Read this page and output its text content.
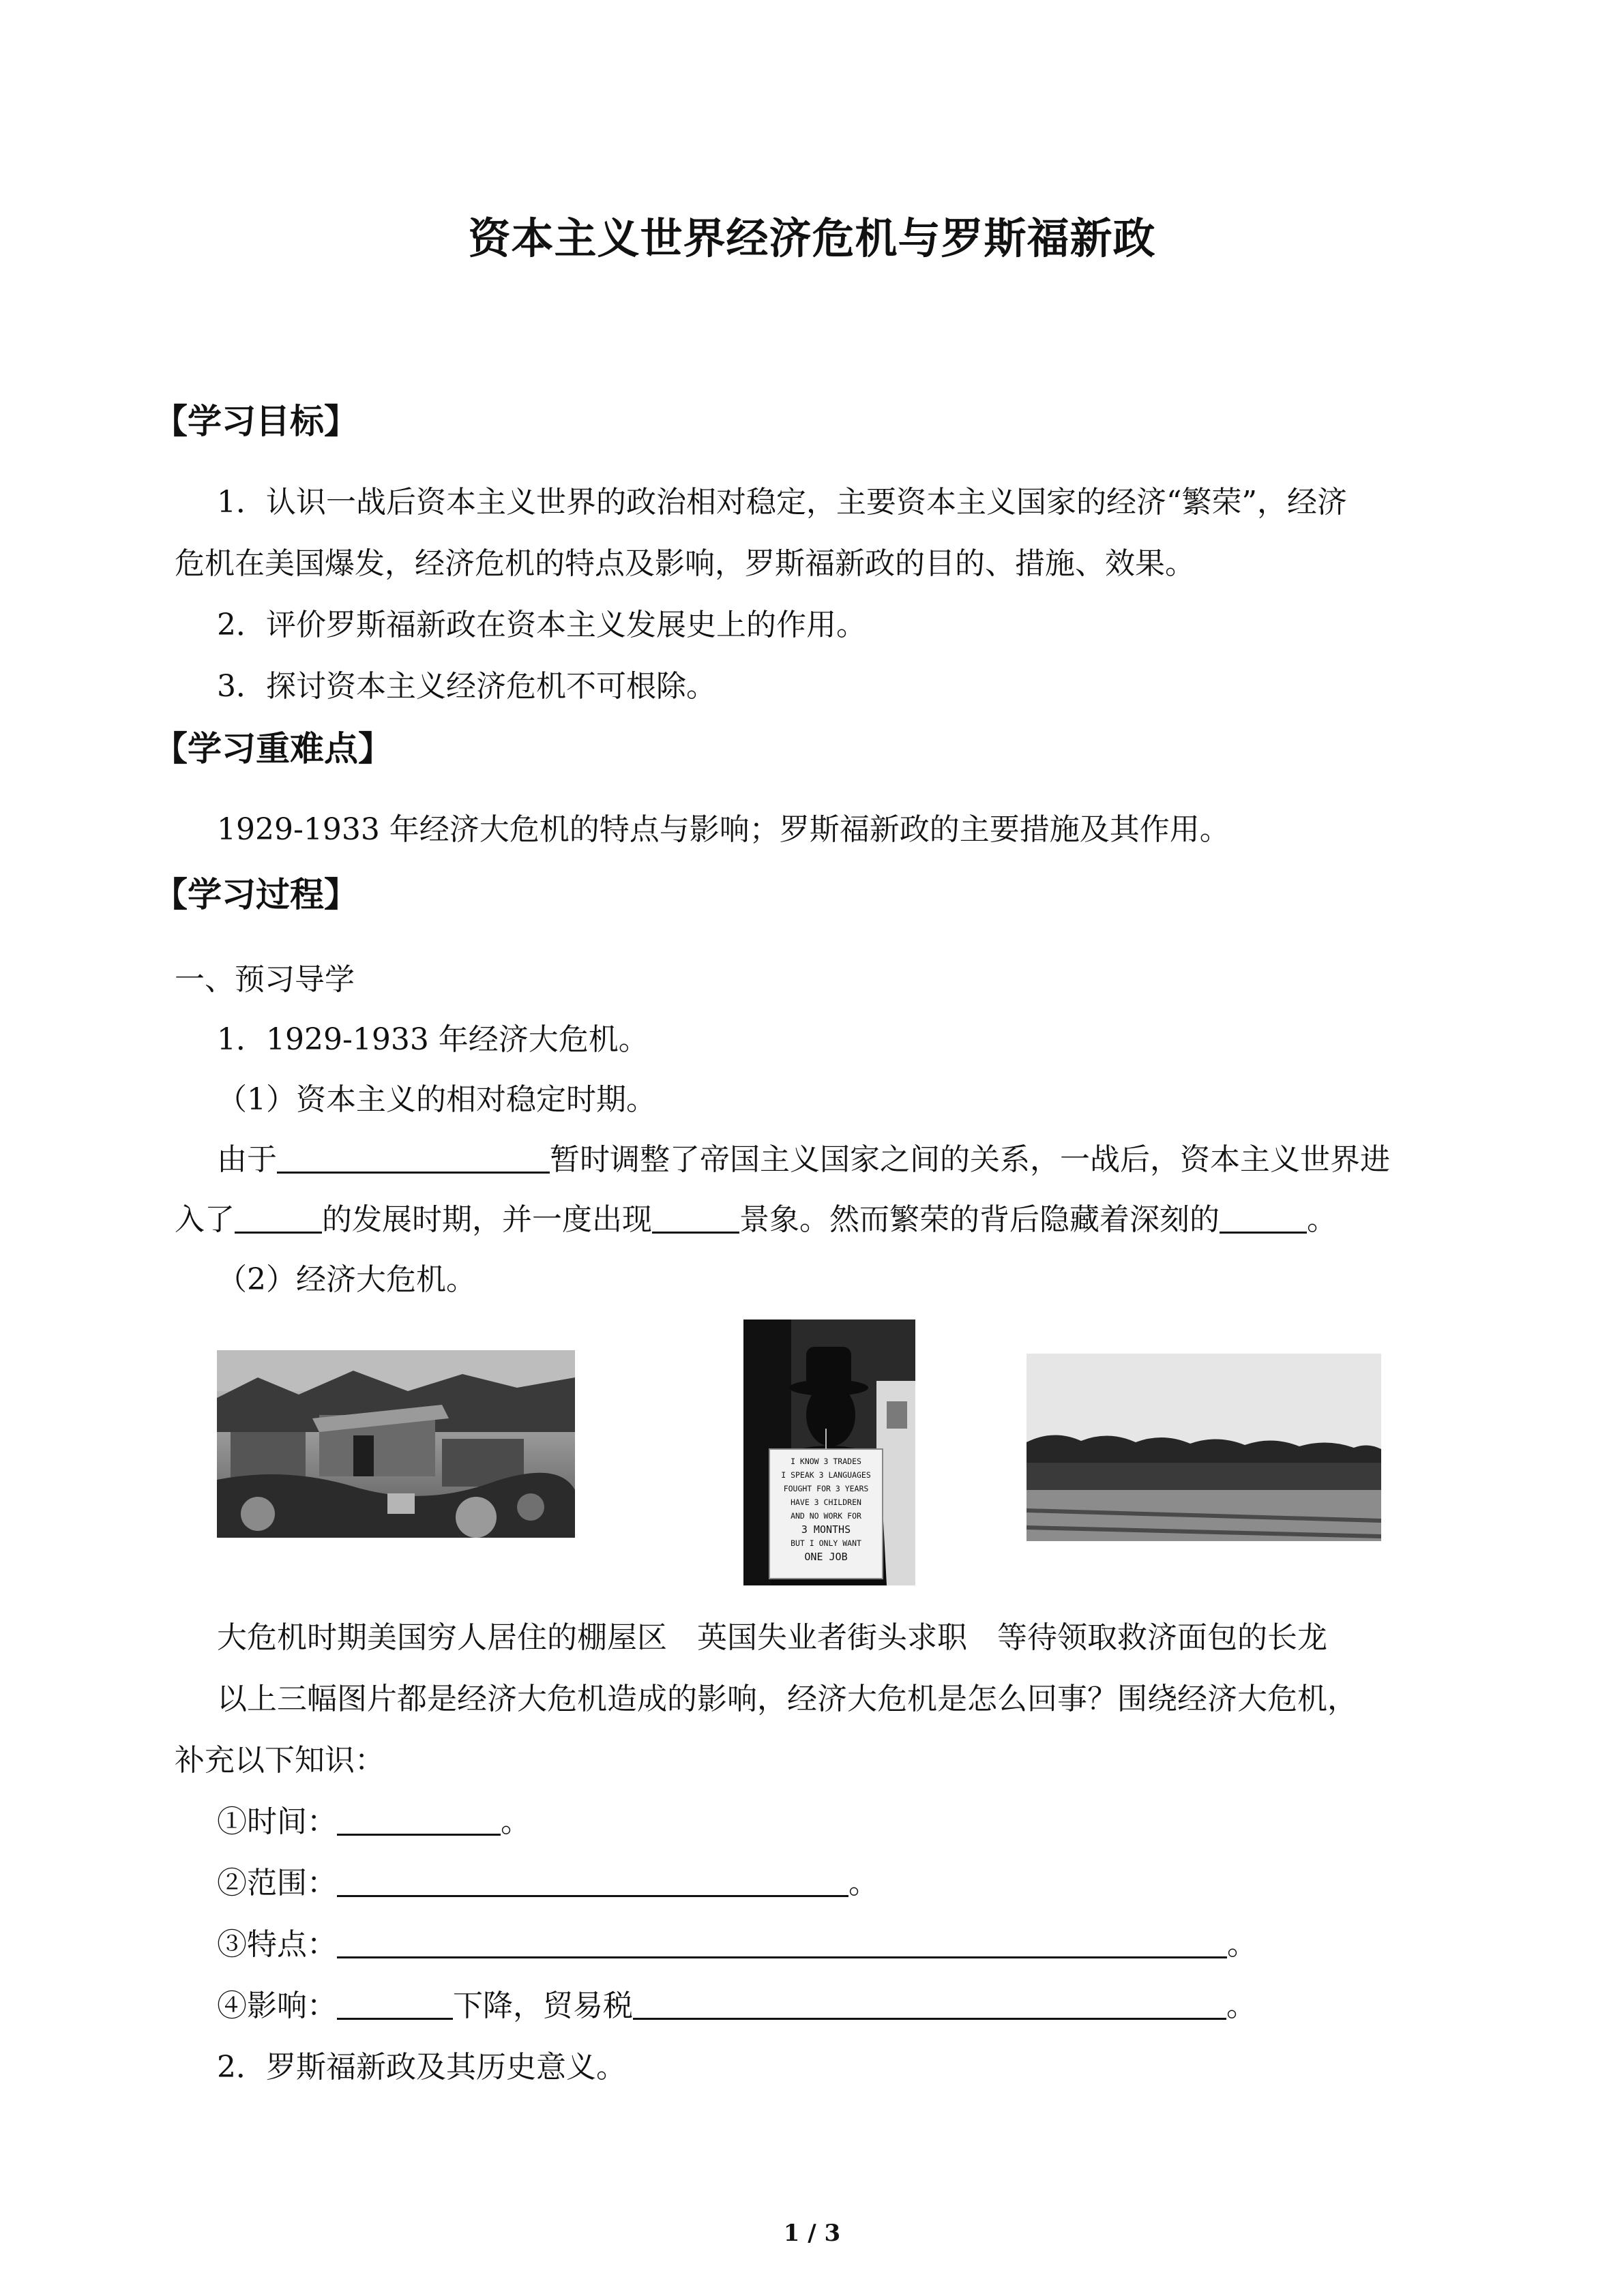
资本主义世界经济危机与罗斯福新政
【学习目标】
1．认识一战后资本主义世界的政治相对稳定，主要资本主义国家的经济“繁荣”，经济
危机在美国爆发，经济危机的特点及影响，罗斯福新政的目的、措施、效果。
2．评价罗斯福新政在资本主义发展史上的作用。
3．探讨资本主义经济危机不可根除。
【学习重难点】
1929-1933 年经济大危机的特点与影响；罗斯福新政的主要措施及其作用。
【学习过程】
一、预习导学
1．1929-1933 年经济大危机。
（1）资本主义的相对稳定时期。
由于	暂时调整了帝国主义国家之间的关系，一战后，资本主义世界进
入了	的发展时期，并一度出现	景象。然而繁荣的背后隐藏着深刻的	。
（2）经济大危机。
I KNOW 3 TRADES
I SPEAK 3 LANGUAGES
FOUGHT FOR 3 YEARS
HAVE 3 CHILDREN
AND NO WORK FOR
3 MONTHS
BUT I ONLY WANT
ONE JOB
大危机时期美国穷人居住的棚屋区 英国失业者街头求职 等待领取救济面包的长龙
以上三幅图片都是经济大危机造成的影响，经济大危机是怎么回事？围绕经济大危机，
补充以下知识：
①时间：	。
②范围：	。
③特点：	。
④影响：	下降，贸易税	。
2．罗斯福新政及其历史意义。
1 / 3
